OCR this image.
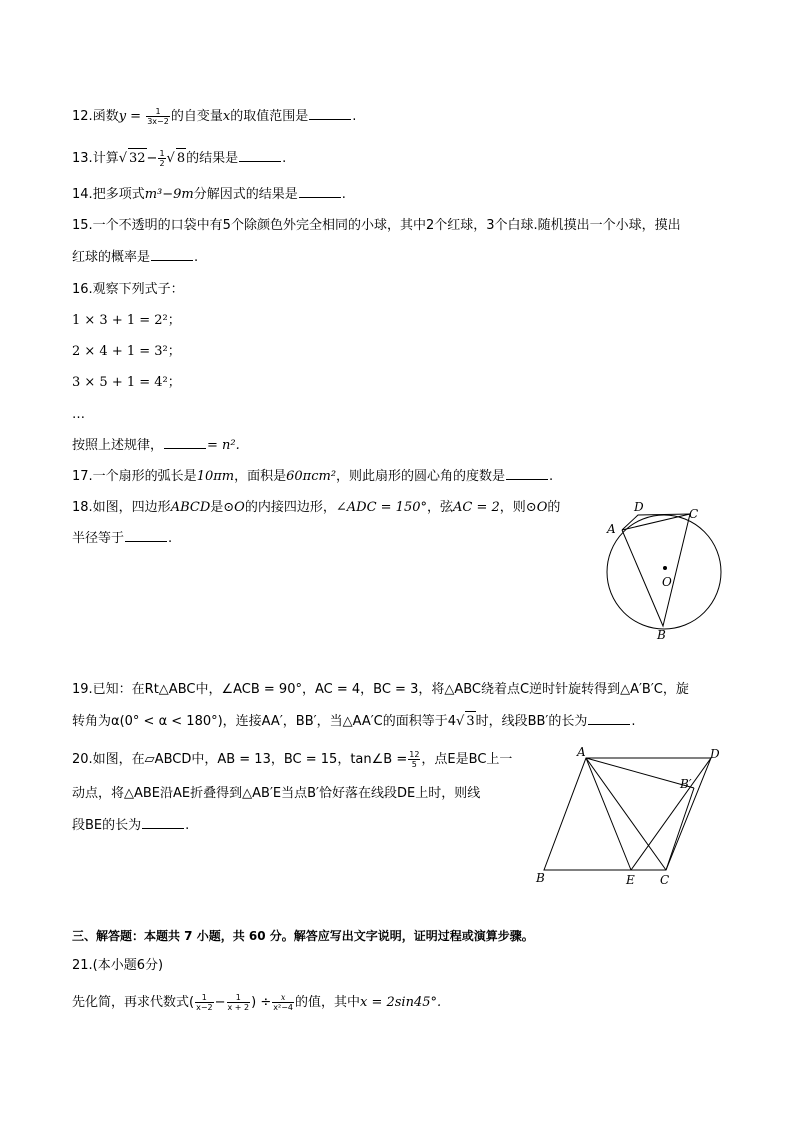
12.函数$y = \frac{1}{3x-2}$ 的自变量x的取值范围是	.
13.计算√ $32- \frac{1}{2}$ √ 8的结果是	.
14.把多项式m³−9m分解因式的结果是	.
15.一个不透明的口袋中有5个除颜色外完全相同的小球，其中2个红球，3个白球.随机摸出一个小球，摸出
红球的概率是	.
16.观察下列式子：
1 × 3 + 1 = 2²；
2 × 4 + 1 = 3²；
3 × 5 + 1 = 4²；
…
按照上述规律，	= n².
17.一个扇形的弧长是10πm，面积是60πcm²，则此扇形的圆心角的度数是	.
18.如图，四边形ABCD是⊙O的内接四边形，∠ADC = 150°，弦AC = 2，则⊙O的
半径等于	.
D	C
A
O
B
19.已知：在Rt△ABC中，∠ACB = 90°，AC = 4，BC = 3，将△ABC绕着点C逆时针旋转得到△A′B′C，旋
转角为α(0° < α < 180°)，连接AA′，BB′，当△AA′C的面积等于4√ 3时，线段BB′的长为	.
20.如图，在▱ABCD中，AB = 13，BC = 15，tan∠B = $\frac{12}{5}$ ，点E是BC上一
动点，将△ABE沿AE折叠得到△AB′E当点B′恰好落在线段DE上时，则线
段BE的长为	.
A	D
B′
B	E C
三、解答题：本题共 7 小题，共 60 分。解答应写出文字说明，证明过程或演算步骤。
21.(本小题6分)
先化简，再求代数式( $\frac{1}{x-2} - \frac{1}{x + 2}$ ) ÷ $\frac{x}{\text{x²−4}}$ 的值，其中x = 2sin45°.
